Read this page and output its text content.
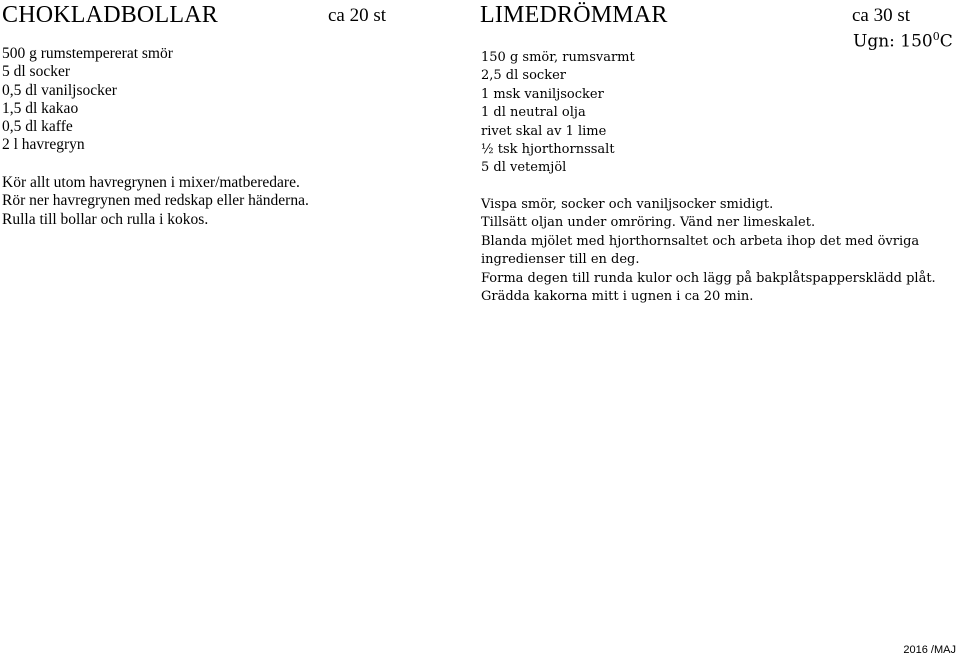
CHOKLADBOLLAR	ca 20 st
500 g rumstempererat smör
5 dl socker
0,5 dl vaniljsocker
1,5 dl kakao
0,5 dl kaffe
2 l havregryn
Kör allt utom havregrynen i mixer/matberedare.
Rör ner havregrynen med redskap eller händerna.
Rulla till bollar och rulla i kokos.
LIMEDRÖMMAR	ca 30 st
Ugn: $150^0C$
150 g smör, rumsvarmt
2,5 dl socker
1 msk vaniljsocker
1 dl neutral olja
rivet skal av 1 lime
½ tsk hjorthornssalt
5 dl vetemjöl
Vispa smör, socker och vaniljsocker smidigt.
Tillsätt oljan under omröring. Vänd ner limeskalet.
Blanda mjölet med hjorthornsaltet och arbeta ihop det med övriga
ingredienser till en deg.
Forma degen till runda kulor och lägg på bakplåtspappersklädd plåt.
Grädda kakorna mitt i ugnen i ca 20 min.
2016 /MAJ
